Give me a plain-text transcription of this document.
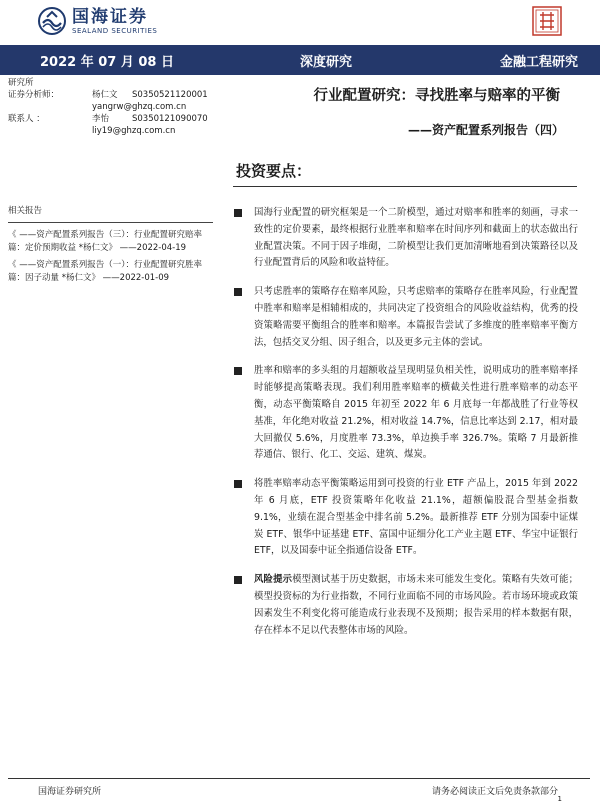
国海证券
SEALAND SECURITIES
2022 年 07 月 08 日	深度研究	金融工程研究
研究所
证券分析师：	杨仁文	S0350521120001
yangrw@ghzq.com.cn
联系人 ：	李怡	S0350121090070
liy19@ghzq.com.cn
行业配置研究：寻找胜率与赔率的平衡
——资产配置系列报告（四）
投资要点：
相关报告
《 ——资产配置系列报告（三）：行业配置研究赔率篇：定价预期收益 *杨仁文》 ——2022-04-19
《 ——资产配置系列报告（一）：行业配置研究胜率篇：因子动量 *杨仁文》 ——2022-01-09
国海行业配置的研究框架是一个二阶模型，通过对赔率和胜率的刻画，寻求一致性的定价要素，最终根据行业胜率和赔率在时间序列和截面上的状态做出行业配置决策。不同于因子堆砌，二阶模型让我们更加清晰地看到决策路径以及行业配置背后的风险和收益特征。
只考虑胜率的策略存在赔率风险，只考虑赔率的策略存在胜率风险，行业配置中胜率和赔率是相辅相成的，共同决定了投资组合的风险收益结构，优秀的投资策略需要平衡组合的胜率和赔率。本篇报告尝试了多维度的胜率赔率平衡方法，包括交叉分组、因子组合，以及更多元主体的尝试。
胜率和赔率的多头组的月超额收益呈现明显负相关性，说明成功的胜率赔率择时能够提高策略表现。我们利用胜率赔率的横截关性进行胜率赔率的动态平衡，动态平衡策略自 2015 年初至 2022 年 6 月底每一年都战胜了行业等权基准，年化绝对收益 21.2%，相对收益 14.7%，信息比率达到 2.17，相对最大回撤仅 5.6%，月度胜率 73.3%，单边换手率 326.7%。策略 7 月最新推荐通信、银行、化工、交运、建筑、煤炭。
将胜率赔率动态平衡策略运用到可投资的行业 ETF 产品上，2015 年到 2022 年 6 月底，ETF 投资策略年化收益 21.1%，超额偏股混合型基金指数 9.1%，业绩在混合型基金中排名前 5.2%。最新推荐 ETF 分别为国泰中证煤炭 ETF、银华中证基建 ETF、富国中证细分化工产业主题 ETF、华宝中证银行 ETF，以及国泰中证全指通信设备 ETF。
风险提示模型测试基于历史数据，市场未来可能发生变化。策略有失效可能；模型投资标的为行业指数，不同行业面临不同的市场风险。若市场环境或政策因素发生不利变化将可能造成行业表现不及预期；报告采用的样本数据有限，存在样本不足以代表整体市场的风险。
国海证券研究所	请务必阅读正文后免责条款部分
1
